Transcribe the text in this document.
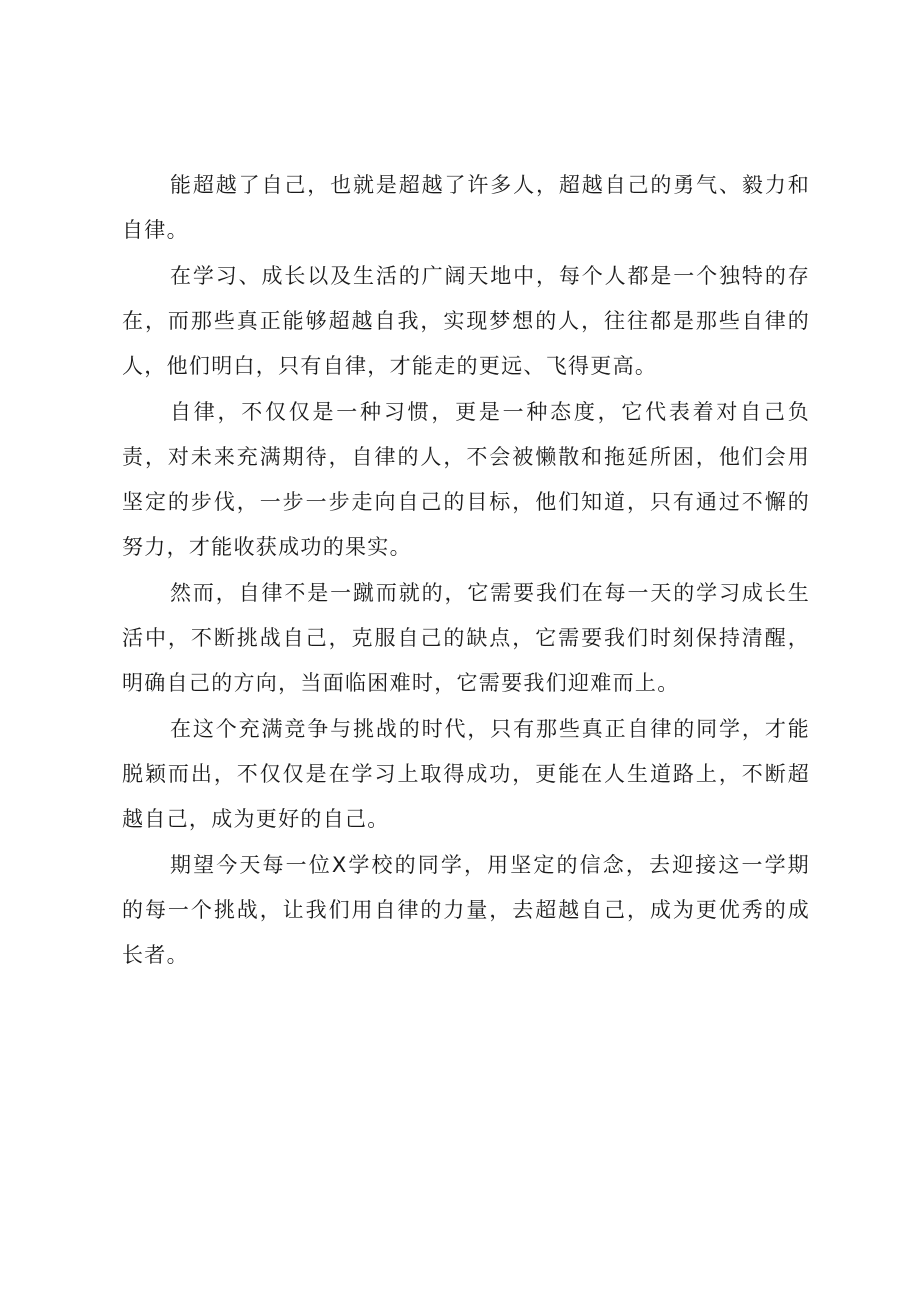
能超越了自己，也就是超越了许多人，超越自己的勇气、毅力和自律。

在学习、成长以及生活的广阔天地中，每个人都是一个独特的存在，而那些真正能够超越自我，实现梦想的人，往往都是那些自律的人，他们明白，只有自律，才能走的更远、飞得更高。

自律，不仅仅是一种习惯，更是一种态度，它代表着对自己负责，对未来充满期待，自律的人，不会被懒散和拖延所困，他们会用坚定的步伐，一步一步走向自己的目标，他们知道，只有通过不懈的努力，才能收获成功的果实。

然而，自律不是一蹴而就的，它需要我们在每一天的学习成长生活中，不断挑战自己，克服自己的缺点，它需要我们时刻保持清醒，明确自己的方向，当面临困难时，它需要我们迎难而上。

在这个充满竞争与挑战的时代，只有那些真正自律的同学，才能脱颖而出，不仅仅是在学习上取得成功，更能在人生道路上，不断超越自己，成为更好的自己。

期望今天每一位X学校的同学，用坚定的信念，去迎接这一学期的每一个挑战，让我们用自律的力量，去超越自己，成为更优秀的成长者。
